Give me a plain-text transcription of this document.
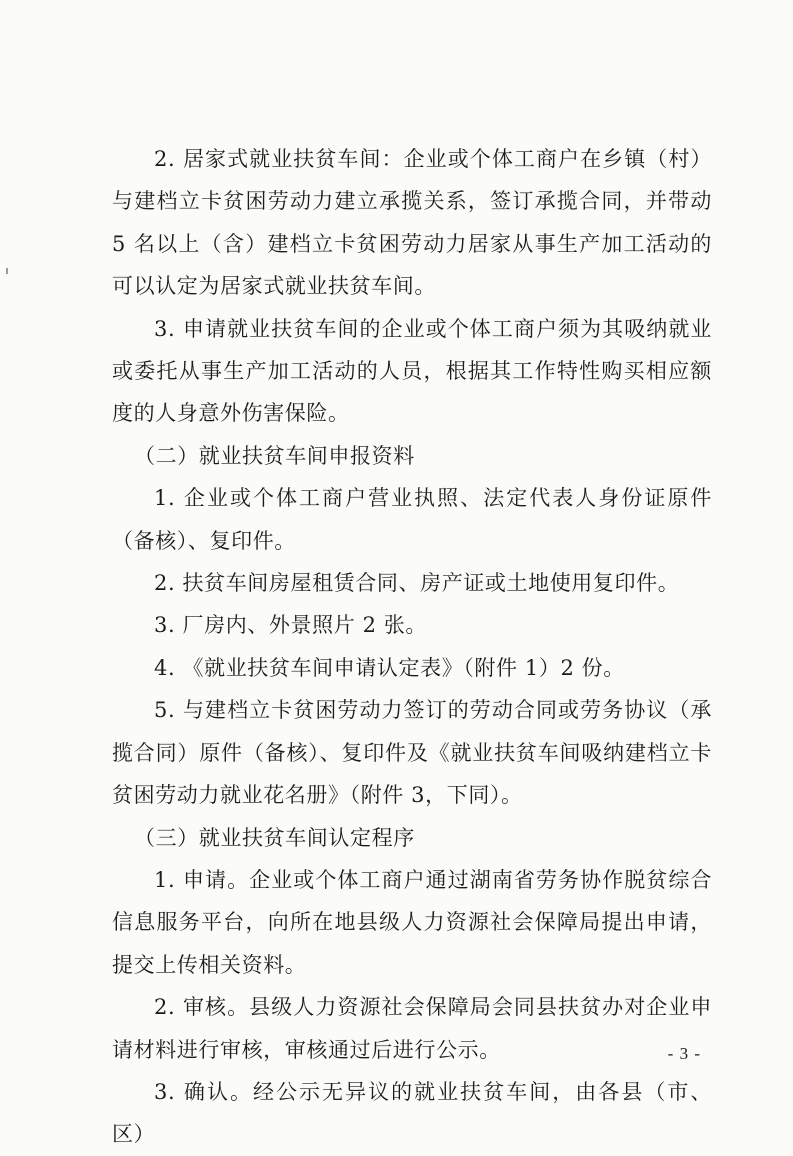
2. 居家式就业扶贫车间：企业或个体工商户在乡镇（村）与建档立卡贫困劳动力建立承揽关系，签订承揽合同，并带动 5 名以上（含）建档立卡贫困劳动力居家从事生产加工活动的可以认定为居家式就业扶贫车间。

3. 申请就业扶贫车间的企业或个体工商户须为其吸纳就业或委托从事生产加工活动的人员，根据其工作特性购买相应额度的人身意外伤害保险。

（二）就业扶贫车间申报资料

1. 企业或个体工商户营业执照、法定代表人身份证原件（备核）、复印件。

2. 扶贫车间房屋租赁合同、房产证或土地使用复印件。

3. 厂房内、外景照片 2 张。

4. 《就业扶贫车间申请认定表》（附件 1）2 份。

5. 与建档立卡贫困劳动力签订的劳动合同或劳务协议（承揽合同）原件（备核）、复印件及《就业扶贫车间吸纳建档立卡贫困劳动力就业花名册》（附件 3，下同）。

（三）就业扶贫车间认定程序

1. 申请。企业或个体工商户通过湖南省劳务协作脱贫综合信息服务平台，向所在地县级人力资源社会保障局提出申请，提交上传相关资料。

2. 审核。县级人力资源社会保障局会同县扶贫办对企业申请材料进行审核，审核通过后进行公示。

3. 确认。经公示无异议的就业扶贫车间，由各县（市、区）

- 3 -
